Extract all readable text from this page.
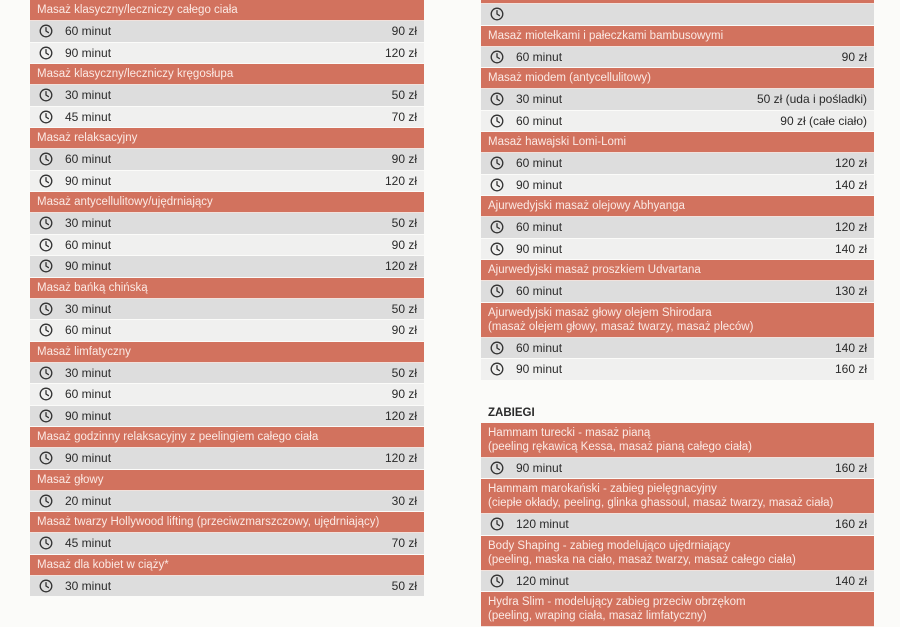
Masaż klasyczny/leczniczy całego ciała
60 minut	90 zł
90 minut	120 zł
Masaż klasyczny/leczniczy kręgosłupa
30 minut	50 zł
45 minut	70 zł
Masaż relaksacyjny
60 minut	90 zł
90 minut	120 zł
Masaż antycellulitowy/ujędrniający
30 minut	50 zł
60 minut	90 zł
90 minut	120 zł
Masaż bańką chińską
30 minut	50 zł
60 minut	90 zł
Masaż limfatyczny
30 minut	50 zł
60 minut	90 zł
90 minut	120 zł
Masaż godzinny relaksacyjny z peelingiem całego ciała
90 minut	120 zł
Masaż głowy
20 minut	30 zł
Masaż twarzy Hollywood lifting (przeciwzmarszczowy, ujędrniający)
45 minut	70 zł
Masaż dla kobiet w ciąży*
30 minut	50 zł
Masaż miotełkami i pałeczkami bambusowymi
60 minut	90 zł
Masaż miodem (antycellulitowy)
30 minut	50 zł (uda i pośladki)
60 minut	90 zł (całe ciało)
Masaż hawajski Lomi-Lomi
60 minut	120 zł
90 minut	140 zł
Ajurwedyjski masaż olejowy Abhyanga
60 minut	120 zł
90 minut	140 zł
Ajurwedyjski masaż proszkiem Udvartana
60 minut	130 zł
Ajurwedyjski masaż głowy olejem Shirodara
(masaż olejem głowy, masaż twarzy, masaż pleców)
60 minut	140 zł
90 minut	160 zł
ZABIEGI
Hammam turecki - masaż pianą
(peeling rękawicą Kessa, masaż pianą całego ciała)
90 minut	160 zł
Hammam marokański - zabieg pielęgnacyjny
(ciepłe okłady, peeling, glinka ghassoul, masaż twarzy, masaż ciała)
120 minut	160 zł
Body Shaping - zabieg modelująco ujędrniający
(peeling, maska na ciało, masaż twarzy, masaż całego ciała)
120 minut	140 zł
Hydra Slim - modelujący zabieg przeciw obrzękom
(peeling, wraping ciała, masaż limfatyczny)
